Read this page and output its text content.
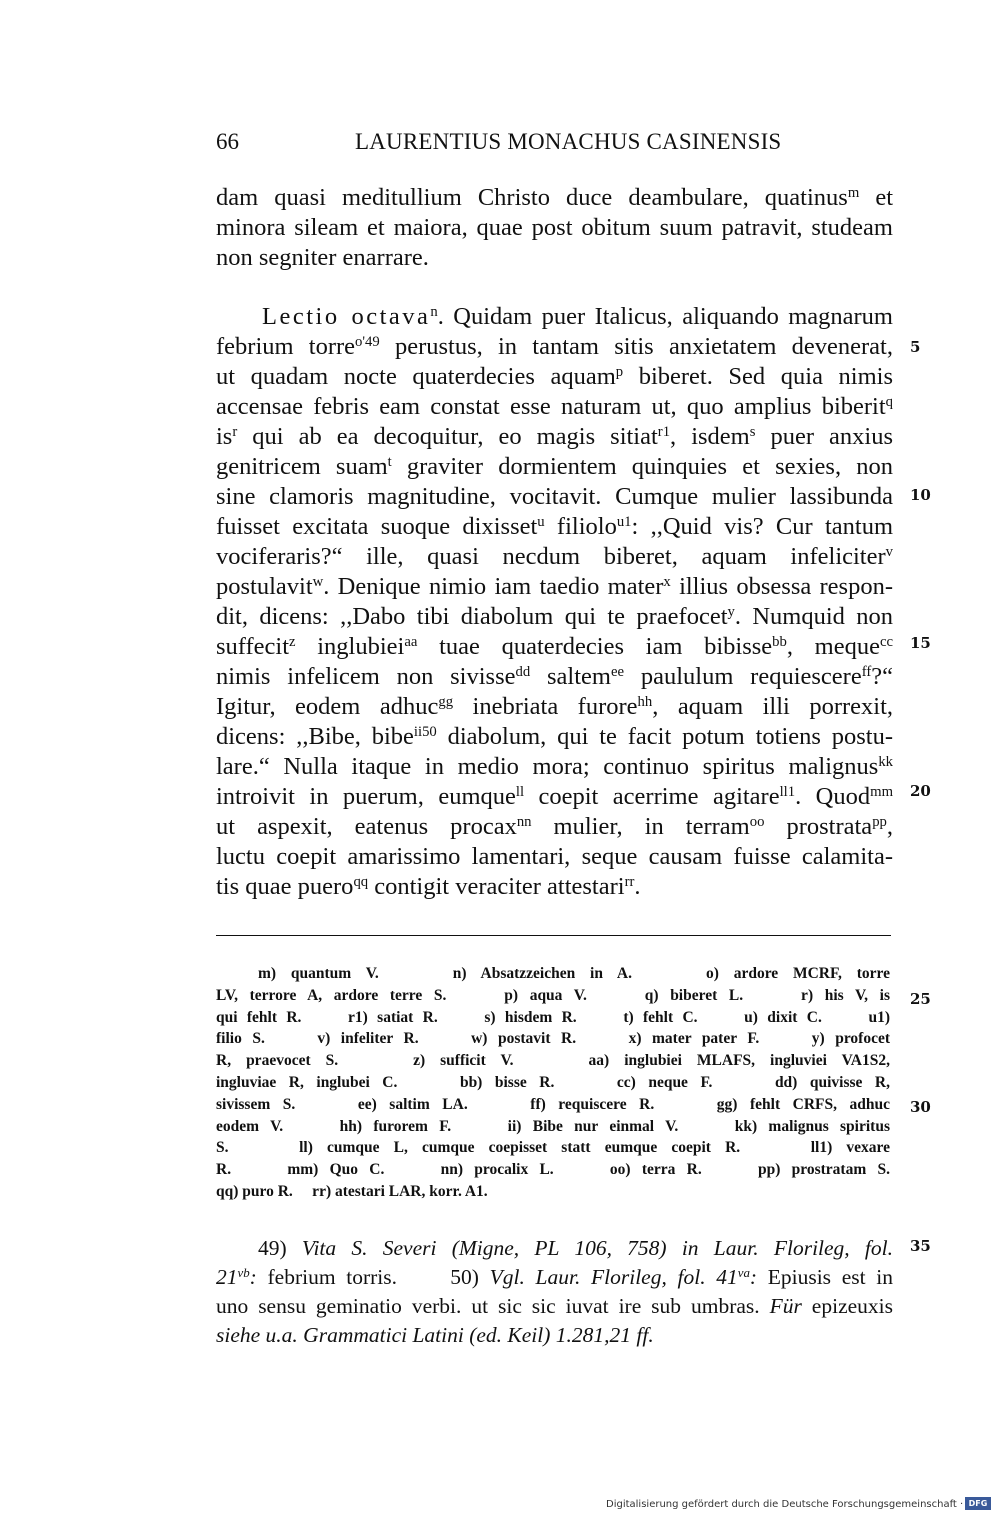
66	LAURENTIUS MONACHUS CASINENSIS
dam quasi meditullium Christo duce deambulare, quatinus$^m$ et
minora sileam et maiora, quae post obitum suum patravit, studeam
non segniter enarrare.
Lectio octava$^n$. Quidam puer Italicus, aliquando magnarum
febrium torre$^{o'49}$ perustus, in tantam sitis anxietatem devenerat,
ut quadam nocte quaterdecies aquam$^p$ biberet. Sed quia nimis
accensae febris eam constat esse naturam ut, quo amplius biberit$^q$
$is^r$ qui ab ea decoquitur, eo magis sitiat$^{r1}$, isdem$^s$ puer anxius
genitricem suam$^t$ graviter dormientem quinquies et sexies, non
sine clamoris magnitudine, vocitavit. Cumque mulier lassibunda
fuisset excitata suoque dixisset$^u$ filiolo$^{u1}$: ,,Quid vis? Cur tantum
vociferaris?“ ille, quasi necdum biberet, aquam infeliciter$^v$
postulavit$^w$. Denique nimio iam taedio mater$^x$ illius obsessa respon-
dit, dicens: ,,Dabo tibi diabolum qui te praefocet$^y$. Numquid non
suffecit$^z$ inglubiei$^{aa}$ tuae quaterdecies iam bibisse$^{bb}$, meque$^{cc}$
nimis infelicem non sivisse$^{dd}$ saltem$^{ee}$ paululum requiescere$^{ff}$?“
Igitur, eodem adhuc$^{gg}$ inebriata furore$^{hh}$, aquam illi porrexit,
dicens: ,,Bibe, bibe$^{ii50}$ diabolum, qui te facit potum totiens postu-
lare.“ Nulla itaque in medio mora; continuo spiritus malignus$^{kk}$
introivit in puerum, eumque$^{ll}$ coepit acerrime agitare$^{ll1}$. Quod$^{mm}$
ut aspexit, eatenus procax$^{nn}$ mulier, in terram$^{oo}$ prostrata$^{pp}$,
luctu coepit amarissimo lamentari, seque causam fuisse calamita-
tis quae puero$^{qq}$ contigit veraciter attestari$^{rr}$.
m) quantum V.     n) Absatzzeichen in A.     o) ardore MCRF, torre
LV, terrore A, ardore terre S.     p) aqua V.     q) biberet L.     r) his V, is
qui fehlt R.     r1) satiat R.     s) hisdem R.     t) fehlt C.     u) dixit C.     u1)
filio S.     v) infeliter R.     w) postavit R.     x) mater pater F.     y) profocet
R, praevocet S.     z) sufficit V.     aa) inglubiei MLAFS, ingluviei VA1S2,
ingluviae R, inglubei C.     bb) bisse R.     cc) neque F.     dd) quivisse R,
sivissem S.     ee) saltim LA.     ff) requiscere R.     gg) fehlt CRFS, adhuc
eodem V.     hh) furorem F.     ii) Bibe nur einmal V.     kk) malignus spiritus
S.     ll) cumque L, cumque coepisset statt eumque coepit R.     ll1) vexare
R.     mm) Quo C.     nn) procalix L.     oo) terra R.     pp) prostratam S.
qq) puro R.     rr) atestari LAR, korr. A1.
49) Vita S. Severi (Migne, PL 106, 758) in Laur. Florileg, fol.
$21^{vb}$: febrium torris.     50) Vgl. Laur. Florileg, fol. $41^{va}$: Epiusis est in
uno sensu geminatio verbi. ut sic sic iuvat ire sub umbras. Für epizeuxis
siehe u.a. Grammatici Latini (ed. Keil) 1.281,21 ff.
Digitalisierung gefördert durch die Deutsche Forschungsgemeinschaft · DFG
5
10
15
20
25
30
35
